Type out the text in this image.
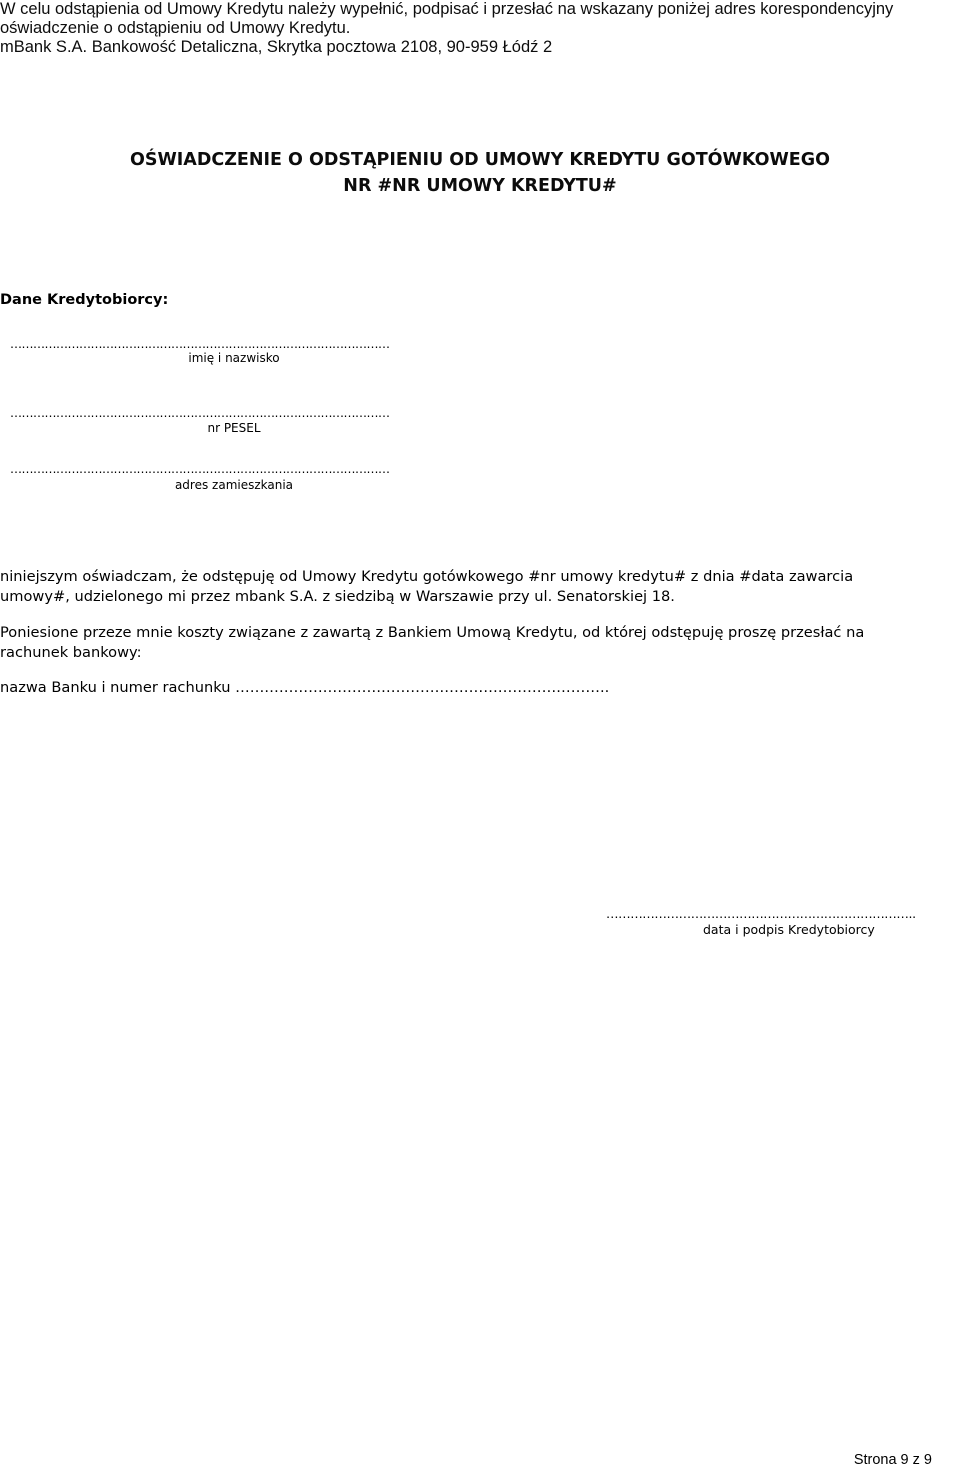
W celu odstąpienia od Umowy Kredytu należy wypełnić, podpisać i przesłać na wskazany poniżej adres korespondencyjny
oświadczenie o odstąpieniu od Umowy Kredytu.
mBank S.A. Bankowość Detaliczna, Skrytka pocztowa 2108, 90-959 Łódź 2
OŚWIADCZENIE O ODSTĄPIENIU OD UMOWY KREDYTU GOTÓWKOWEGO
NR #NR UMOWY KREDYTU#
Dane Kredytobiorcy:
………………………………………………………………………………………
imię i nazwisko
………………………………………………………………………………………
nr PESEL
………………………………………………………………………………………
adres zamieszkania
niniejszym oświadczam, że odstępuję od Umowy Kredytu gotówkowego #nr umowy kredytu# z dnia #data zawarcia
umowy#, udzielonego mi przez mbank S.A. z siedzibą w Warszawie przy ul. Senatorskiej 18.
Poniesione przeze mnie koszty związane z zawartą z Bankiem Umową Kredytu, od której odstępuję proszę przesłać na
rachunek bankowy:
nazwa Banku i numer rachunku …………………………………………………………………..
…………………………………………………………………..
data i podpis Kredytobiorcy
Strona 9 z 9
